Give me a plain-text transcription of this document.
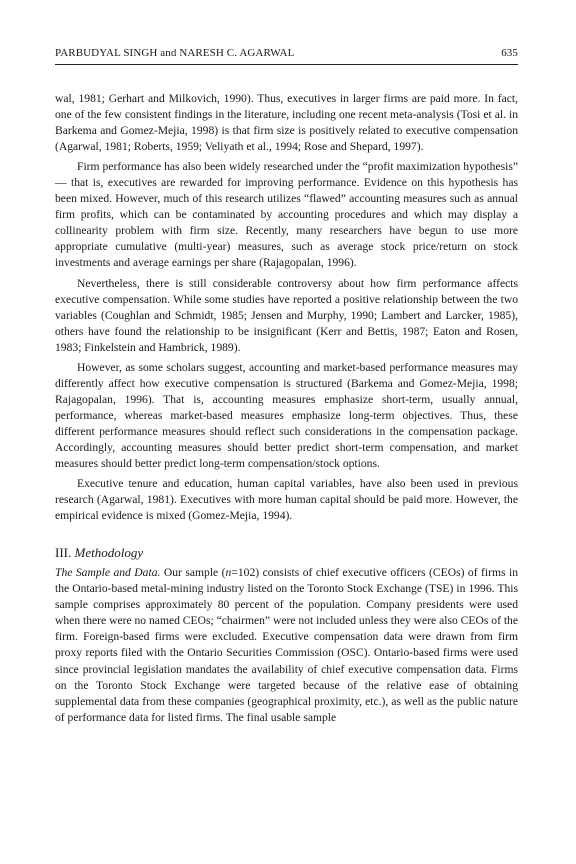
PARBUDYAL SINGH and NARESH C. AGARWAL	635

wal, 1981; Gerhart and Milkovich, 1990). Thus, executives in larger firms are paid more. In fact, one of the few consistent findings in the literature, including one recent meta-analysis (Tosi et al. in Barkema and Gomez-Mejia, 1998) is that firm size is positively related to executive compensation (Agarwal, 1981; Roberts, 1959; Veliyath et al., 1994; Rose and Shepard, 1997).

Firm performance has also been widely researched under the “profit maximization hypothesis” — that is, executives are rewarded for improving performance. Evidence on this hypothesis has been mixed. However, much of this research utilizes “flawed” accounting measures such as annual firm profits, which can be contaminated by accounting procedures and which may display a collinearity problem with firm size. Recently, many researchers have begun to use more appropriate cumulative (multi-year) measures, such as average stock price/return on stock investments and average earnings per share (Rajagopalan, 1996).

Nevertheless, there is still considerable controversy about how firm performance affects executive compensation. While some studies have reported a positive relationship between the two variables (Coughlan and Schmidt, 1985; Jensen and Murphy, 1990; Lambert and Larcker, 1985), others have found the relationship to be insignificant (Kerr and Bettis, 1987; Eaton and Rosen, 1983; Finkelstein and Hambrick, 1989).

However, as some scholars suggest, accounting and market-based performance measures may differently affect how executive compensation is structured (Barkema and Gomez-Mejia, 1998; Rajagopalan, 1996). That is, accounting measures emphasize short-term, usually annual, performance, whereas market-based measures emphasize long-term objectives. Thus, these different performance measures should reflect such considerations in the compensation package. Accordingly, accounting measures should better predict short-term compensation, and market measures should better predict long-term compensation/stock options.

Executive tenure and education, human capital variables, have also been used in previous research (Agarwal, 1981). Executives with more human capital should be paid more. However, the empirical evidence is mixed (Gomez-Mejia, 1994).

III. Methodology

The Sample and Data. Our sample (n=102) consists of chief executive officers (CEOs) of firms in the Ontario-based metal-mining industry listed on the Toronto Stock Exchange (TSE) in 1996. This sample comprises approximately 80 percent of the population. Company presidents were used when there were no named CEOs; “chairmen” were not included unless they were also CEOs of the firm. Foreign-based firms were excluded. Executive compensation data were drawn from firm proxy reports filed with the Ontario Securities Commission (OSC). Ontario-based firms were used since provincial legislation mandates the availability of chief executive compensation data. Firms on the Toronto Stock Exchange were targeted because of the relative ease of obtaining supplemental data from these companies (geographical proximity, etc.), as well as the public nature of performance data for listed firms. The final usable sample
